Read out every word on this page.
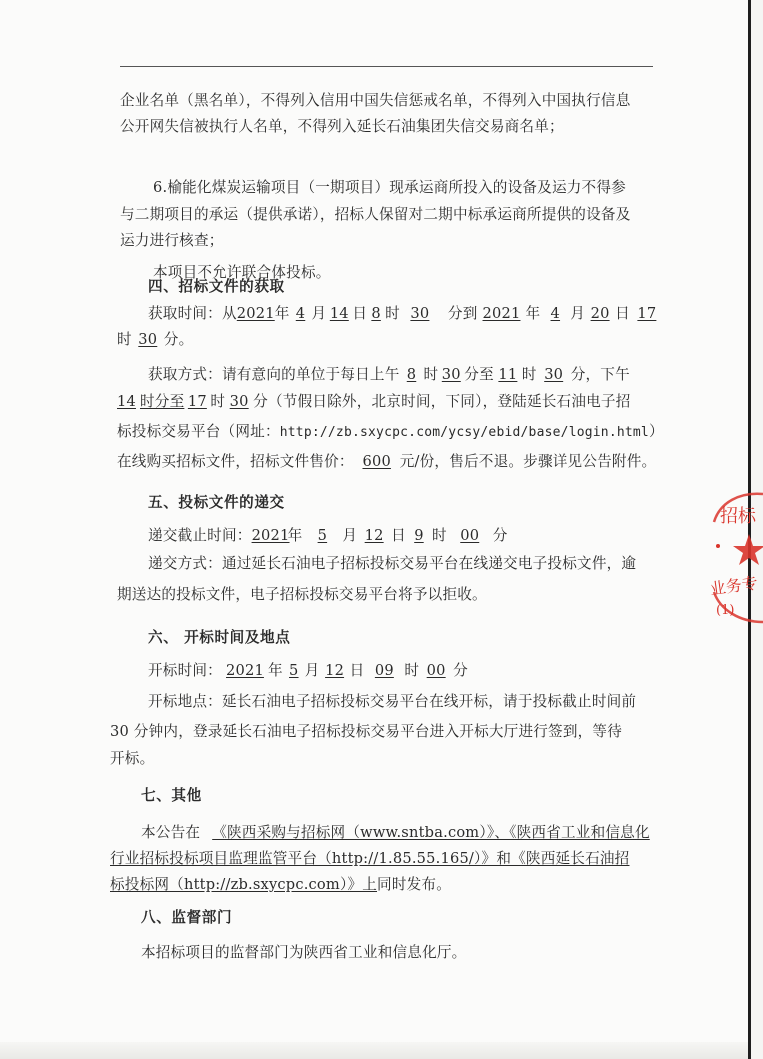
企业名单（黑名单），不得列入信用中国失信惩戒名单，不得列入中国执行信息
公开网失信被执行人名单，不得列入延长石油集团失信交易商名单；
6.榆能化煤炭运输项目（一期项目）现承运商所投入的设备及运力不得参
与二期项目的承运（提供承诺），招标人保留对二期中标承运商所提供的设备及
运力进行核查；
本项目不允许联合体投标。
四、招标文件的获取
获取时间：从2021年 4 月 14 日 8 时 30 分到 2021 年 4 月 20 日 17
时 30 分。
获取方式：请有意向的单位于每日上午 8 时 30 分至 11 时 30 分，下午
14 时分至 17 时 30 分（节假日除外，北京时间，下同），登陆延长石油电子招
标投标交易平台（网址：http://zb.sxycpc.com/ycsy/ebid/base/login.html）
在线购买招标文件，招标文件售价： 600 元/份，售后不退。步骤详见公告附件。
五、投标文件的递交
递交截止时间：2021年 5 月 12 日 9 时 00 分
递交方式：通过延长石油电子招标投标交易平台在线递交电子投标文件，逾
期送达的投标文件，电子招标投标交易平台将予以拒收。
六、 开标时间及地点
开标时间： 2021 年 5 月 12 日 09 时 00 分
开标地点：延长石油电子招标投标交易平台在线开标，请于投标截止时间前
30 分钟内，登录延长石油电子招标投标交易平台进入开标大厅进行签到，等待
开标。
七、其他
本公告在 《陕西采购与招标网（www.sntba.com）》、《陕西省工业和信息化
行业招标投标项目监理监管平台（http://1.85.55.165/）》和《陕西延长石油招
标投标网（http://zb.sxycpc.com）》上同时发布。
八、监督部门
本招标项目的监督部门为陕西省工业和信息化厅。
招标
业务专
(1)
